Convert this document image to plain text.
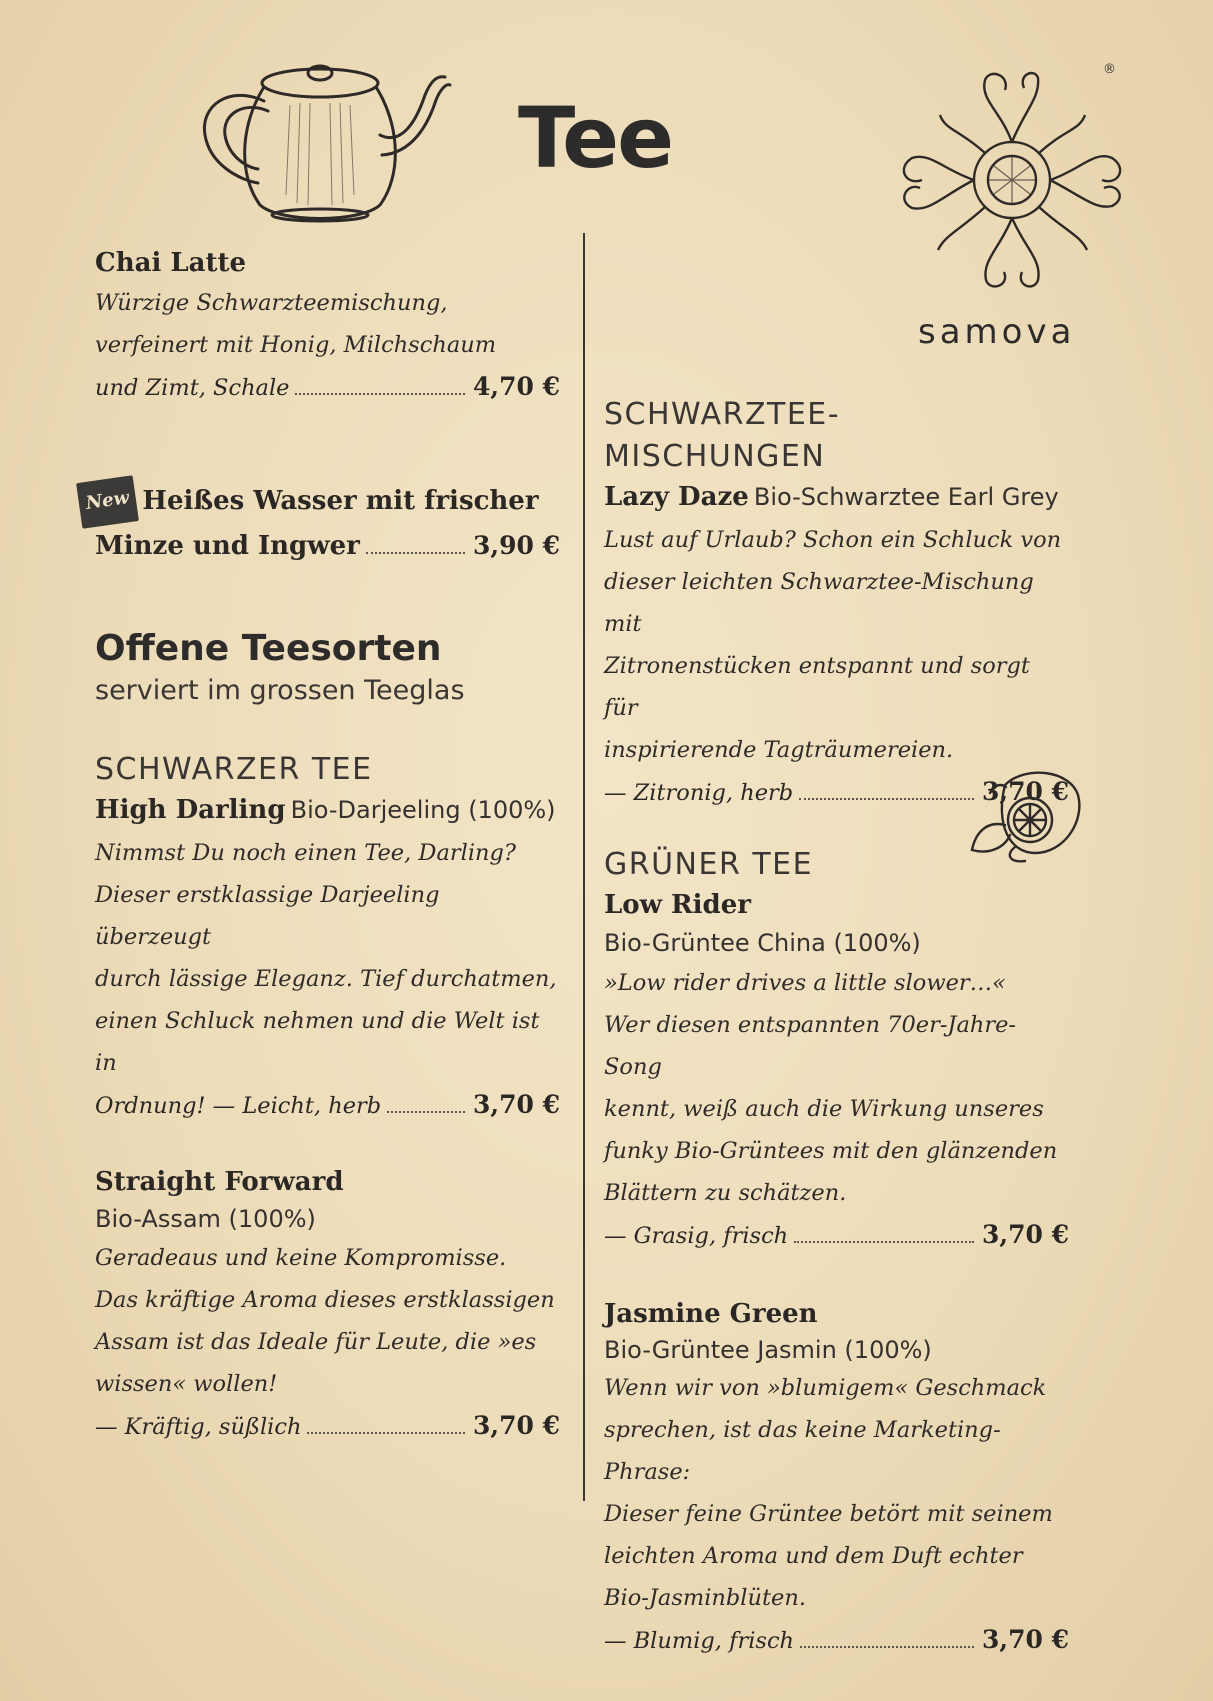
Tee
®
samova
Chai Latte
Würzige Schwarzteemischung,
verfeinert mit Honig, Milchschaum
und Zimt, Schale	4,70 €
New Heißes Wasser mit frischer
Minze und Ingwer	3,90 €
Offene Teesorten
serviert im grossen Teeglas
SCHWARZER TEE
High Darling Bio-Darjeeling (100%)
Nimmst Du noch einen Tee, Darling?
Dieser erstklassige Darjeeling überzeugt
durch lässige Eleganz. Tief durchatmen,
einen Schluck nehmen und die Welt ist in
Ordnung! — Leicht, herb	3,70 €
Straight Forward
Bio-Assam (100%)
Geradeaus und keine Kompromisse.
Das kräftige Aroma dieses erstklassigen
Assam ist das Ideale für Leute, die »es
wissen« wollen!
— Kräftig, süßlich	3,70 €
SCHWARZTEE-
MISCHUNGEN
Lazy Daze Bio-Schwarztee Earl Grey
Lust auf Urlaub? Schon ein Schluck von
dieser leichten Schwarztee-Mischung mit
Zitronenstücken entspannt und sorgt für
inspirierende Tagträumereien.
— Zitronig, herb	3,70 €
GRÜNER TEE
Low Rider
Bio-Grüntee China (100%)
»Low rider drives a little slower…«
Wer diesen entspannten 70er-Jahre-Song
kennt, weiß auch die Wirkung unseres
funky Bio-Grüntees mit den glänzenden
Blättern zu schätzen.
— Grasig, frisch	3,70 €
Jasmine Green
Bio-Grüntee Jasmin (100%)
Wenn wir von »blumigem« Geschmack
sprechen, ist das keine Marketing-Phrase:
Dieser feine Grüntee betört mit seinem
leichten Aroma und dem Duft echter
Bio-Jasminblüten.
— Blumig, frisch	3,70 €
